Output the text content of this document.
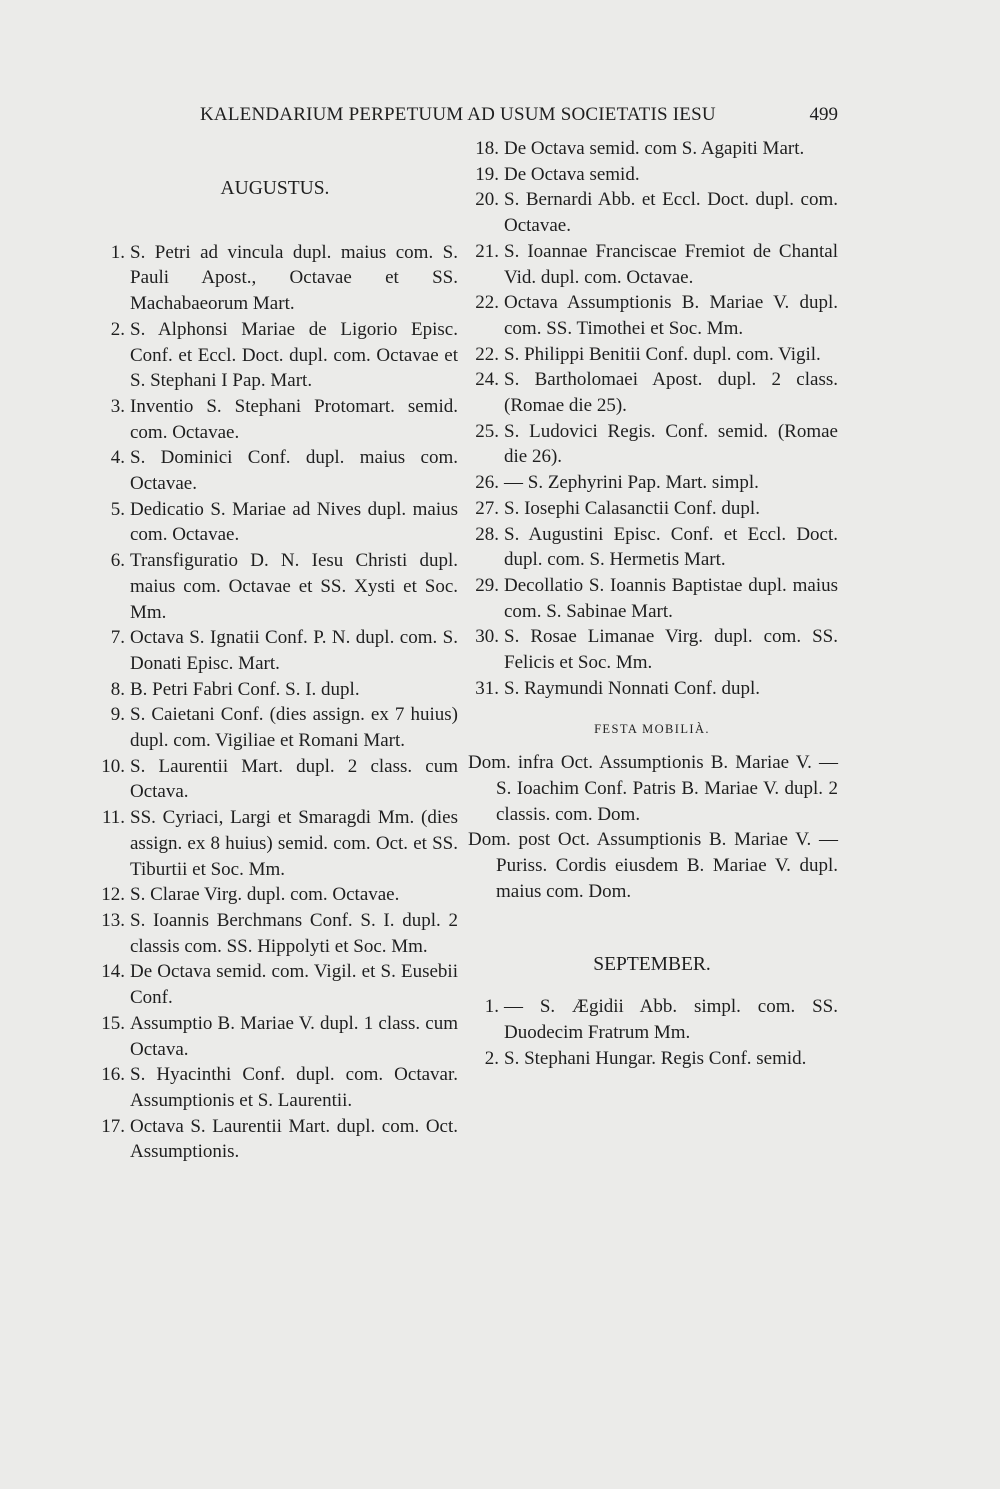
KALENDARIUM PERPETUUM AD USUM SOCIETATIS IESU	499
AUGUSTUS.
1. S. Petri ad vincula dupl. maius com. S. Pauli Apost., Octavae et SS. Machabaeorum Mart.
2. S. Alphonsi Mariae de Ligorio Episc. Conf. et Eccl. Doct. dupl. com. Octavae et S. Stephani I Pap. Mart.
3. Inventio S. Stephani Protomart. semid. com. Octavae.
4. S. Dominici Conf. dupl. maius com. Octavae.
5. Dedicatio S. Mariae ad Nives dupl. maius com. Octavae.
6. Transfiguratio D. N. Iesu Christi dupl. maius com. Octavae et SS. Xysti et Soc. Mm.
7. Octava S. Ignatii Conf. P. N. dupl. com. S. Donati Episc. Mart.
8. B. Petri Fabri Conf. S. I. dupl.
9. S. Caietani Conf. (dies assign. ex 7 huius) dupl. com. Vigiliae et Romani Mart.
10. S. Laurentii Mart. dupl. 2 class. cum Octava.
11. SS. Cyriaci, Largi et Smaragdi Mm. (dies assign. ex 8 huius) semid. com. Oct. et SS. Tiburtii et Soc. Mm.
12. S. Clarae Virg. dupl. com. Octavae.
13. S. Ioannis Berchmans Conf. S. I. dupl. 2 classis com. SS. Hippolyti et Soc. Mm.
14. De Octava semid. com. Vigil. et S. Eusebii Conf.
15. Assumptio B. Mariae V. dupl. 1 class. cum Octava.
16. S. Hyacinthi Conf. dupl. com. Octavar. Assumptionis et S. Laurentii.
17. Octava S. Laurentii Mart. dupl. com. Oct. Assumptionis.
18. De Octava semid. com S. Agapiti Mart.
19. De Octava semid.
20. S. Bernardi Abb. et Eccl. Doct. dupl. com. Octavae.
21. S. Ioannae Franciscae Fremiot de Chantal Vid. dupl. com. Octavae.
22. Octava Assumptionis B. Mariae V. dupl. com. SS. Timothei et Soc. Mm.
22. S. Philippi Benitii Conf. dupl. com. Vigil.
24. S. Bartholomaei Apost. dupl. 2 class. (Romae die 25).
25. S. Ludovici Regis. Conf. semid. (Romae die 26).
26. — S. Zephyrini Pap. Mart. simpl.
27. S. Iosephi Calasanctii Conf. dupl.
28. S. Augustini Episc. Conf. et Eccl. Doct. dupl. com. S. Hermetis Mart.
29. Decollatio S. Ioannis Baptistae dupl. maius com. S. Sabinae Mart.
30. S. Rosae Limanae Virg. dupl. com. SS. Felicis et Soc. Mm.
31. S. Raymundi Nonnati Conf. dupl.
FESTA MOBILIÀ.
Dom. infra Oct. Assumptionis B. Mariae V. — S. Ioachim Conf. Patris B. Mariae V. dupl. 2 classis. com. Dom.
Dom. post Oct. Assumptionis B. Mariae V. — Puriss. Cordis eiusdem B. Mariae V. dupl. maius com. Dom.
SEPTEMBER.
1. — S. Ægidii Abb. simpl. com. SS. Duodecim Fratrum Mm.
2. S. Stephani Hungar. Regis Conf. semid.
